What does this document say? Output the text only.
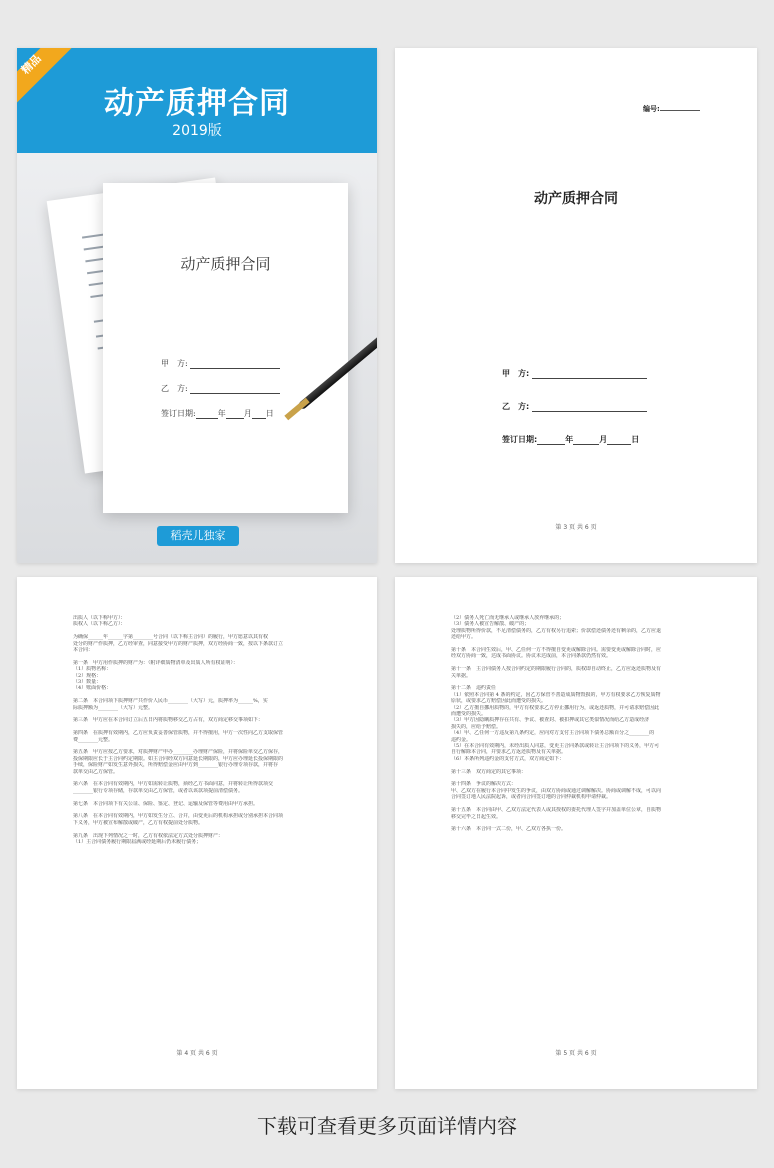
动产质押合同
2019版
精品
动产质押合同
甲　方:
乙　方:
签订日期:	年 月 日
稻壳儿独家
编号:
动产质押合同
甲　方:
乙　方:
签订日期:	年	月	日
第 3 页 共 6 页
出质人（以下称甲方）：
质权人（以下称乙方）：
为确保______年______字第________号合同（以下称主合同）的履行，甲方愿意以其有权
处分的财产作质押，乙方经审查，同意接受甲方的财产质押，双方经协商一致，按以下条款订立
本合同：
第一条　甲方用作质押的财产为：（附详细质物清单及出质人所有权证明）：
（1）质物名称：
（2）规格：
（3）数量：
（4）账面价格：
第二条　本合同项下质押财产共作价人民币________（大写）元，质押率为______%，实
际质押额为________（大写）元整。
第三条　甲方应在本合同订立后五日内将质物移交乙方占有，双方商定移交事项如下：
第四条　在质押有效期内，乙方应负责妥善保管质物，并不得擅用，甲方一次性向乙方支取保管
费________元整。
第五条　甲方应按乙方要求，对质押财产申办________办理财产保险，并将保险单交乙方保存，
投保期限应长于主合同约定期限。如主合同经双方同意延长期限的，甲方应办理延长投保期限的
手续，保险财产如发生意外损失，所得赔偿金应由甲方到________银行办理专项存款，并将存
款单交由乙方保管。
第六条　在本合同有效期内，甲方如需转让质物，须经乙方书面同意，并将转让所得款项交
________银行专项存储，存款单交由乙方保管，或者以该款项提前清偿债务。
第七条　本合同项下有关公证、保险、鉴定、登记、运输及保管等费用由甲方承担。
第八条　在本合同有效期内，甲方如发生分立、合并，由变更后的机构承担或分别承担本合同项
下义务，甲方被宣布解散或破产，乙方有权提前处分质物。
第九条　出现下列情况之一时，乙方有权依法定方式处分质押财产：
（1）主合同债务履行期限届满或经延期后仍未履行债务；
第 4 页 共 6 页
（2）债务人死亡而无继承人或继承人放弃继承的；
（3）债务人被宣告解散、破产的；
处理质物所得价款，不足清偿债务的，乙方有权另行追索；价款偿还债务还有剩余的，乙方应退
还给甲方。
第十条　本合同生效后，甲、乙任何一方不得擅自变更或解除合同。需要变更或解除合同时，应
经双方协商一致，达成书面协议。协议未达成前，本合同条款仍然有效。
第十一条　主合同债务人按合同约定的期限履行合同的，质权即自动终止，乙方应返还质物及有
关单据。
第十二条　违约责任
（1）依照本合同第 4 条的约定，因乙方保管不善造成质物毁损的，甲方有权要求乙方恢复质物
原状，或要求乙方赔偿因此而遭受的损失。
（2）乙方擅自挪用质物的，甲方有权要求乙方停止挪用行为，或返还质物，并可请求赔偿因此
而遭受的损失。
（3）甲方因隐瞒质押存在共有、争议、被查封、被扣押或其它类似情况而给乙方造成经济
损失的，应给予赔偿。
（4）甲、乙任何一方违反第九条约定，应向对方支付主合同项下债务总额百分之________的
违约金。
（5）在本合同有效期内，未经出质人同意，变更主合同条款或转让主合同项下的义务，甲方可
自行解除本合同，并要求乙方返还质物及有关单据。
（6）本条所列违约金的支付方式，双方商定如下：
第十三条　双方商定的其它事项：
第十四条　争议的解决方式：
甲、乙双方在履行本合同中发生的争议，由双方协商或通过调解解决。协商或调解不成，可以向
合同签订地人民法院起诉，或者向合同签订地的合同仲裁机构申请仲裁。
第十五条　本合同由甲、乙双方法定代表人或其授权的委托代理人签字并加盖单位公章，自质物
移交完毕之日起生效。
第十六条　本合同一式二份，甲、乙双方各执一份。
第 5 页 共 6 页
下载可查看更多页面详情内容
